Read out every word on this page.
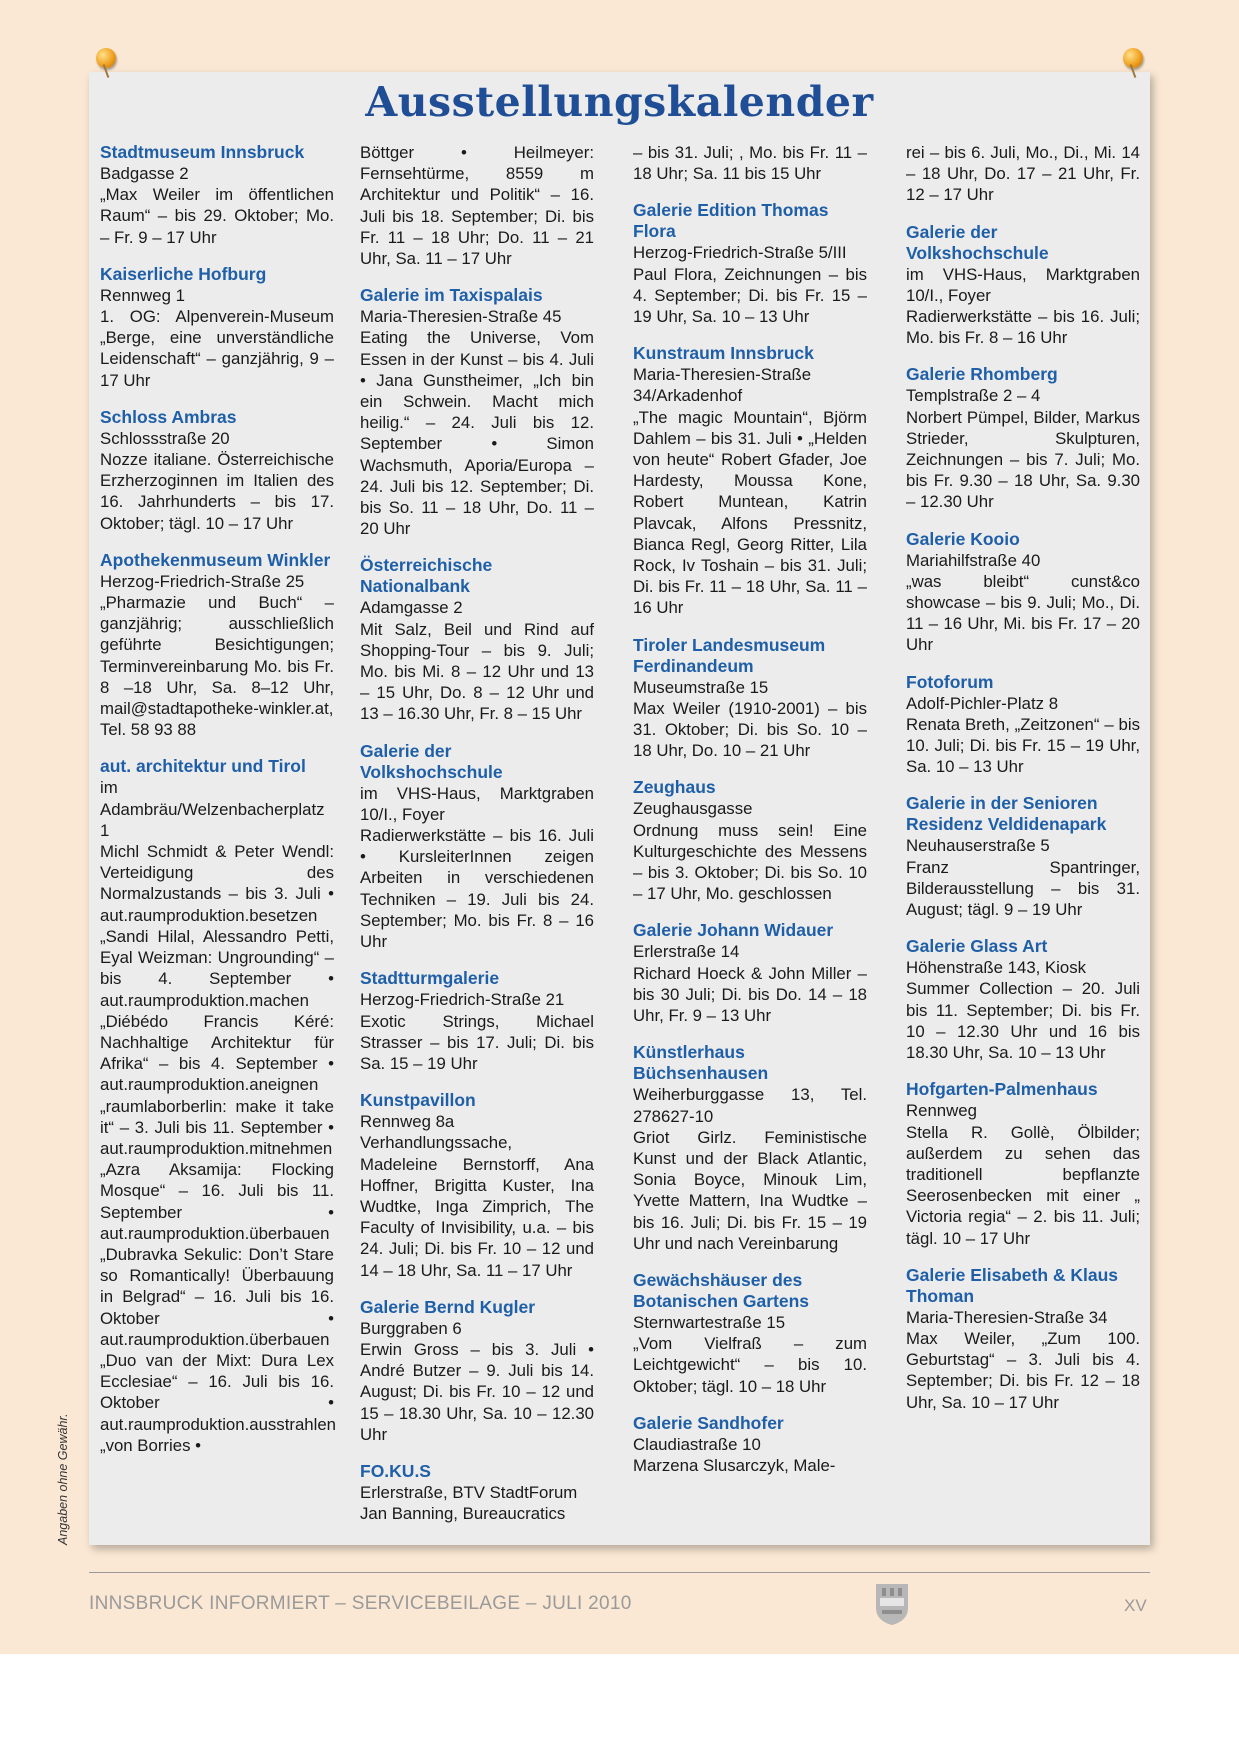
Ausstellungskalender

Stadtmuseum Innsbruck

Badgasse 2
„Max Weiler im öffentlichen Raum“ – bis 29. Oktober; Mo. – Fr. 9 – 17 Uhr

Kaiserliche Hofburg

Rennweg 1
1. OG: Alpenverein-Museum „Berge, eine unverständliche Leidenschaft“ – ganzjährig, 9 – 17 Uhr

Schloss Ambras

Schlossstraße 20
Nozze italiane. Österreichische Erzherzoginnen im Italien des 16. Jahrhunderts – bis 17. Oktober; tägl. 10 – 17 Uhr

Apothekenmuseum Winkler

Herzog-Friedrich-Straße 25
„Pharmazie und Buch“ – ganzjährig; ausschließlich geführte Besichtigungen; Terminvereinbarung Mo. bis Fr. 8 –18 Uhr, Sa. 8–12 Uhr, mail@stadtapotheke-winkler.at, Tel. 58 93 88

aut. architektur und Tirol

im Adambräu/Welzenbacherplatz 1
Michl Schmidt & Peter Wendl: Verteidigung des Normalzustands – bis 3. Juli • aut.raumproduktion.besetzen „Sandi Hilal, Alessandro Petti, Eyal Weizman: Ungrounding“ – bis 4. September • aut.raumproduktion.machen „Diébédo Francis Kéré: Nachhaltige Architektur für Afrika“ – bis 4. September • aut.raumproduktion.aneignen „raumlaborberlin: make it take it“ – 3. Juli bis 11. September • aut.raumproduktion.mitnehmen „Azra Aksamija: Flocking Mosque“ – 16. Juli bis 11. September • aut.raumproduktion.überbauen „Dubravka Sekulic: Don’t Stare so Romantically! Überbauung in Belgrad“ – 16. Juli bis 16. Oktober • aut.raumproduktion.überbauen „Duo van der Mixt: Dura Lex Ecclesiae“ – 16. Juli bis 16. Oktober • aut.raumproduktion.ausstrahlen „von Borries •

Böttger • Heilmeyer: Fernsehtürme, 8559 m Architektur und Politik“ – 16. Juli bis 18. September; Di. bis Fr. 11 – 18 Uhr; Do. 11 – 21 Uhr, Sa. 11 – 17 Uhr

Galerie im Taxispalais

Maria-Theresien-Straße 45
Eating the Universe, Vom Essen in der Kunst – bis 4. Juli • Jana Gunstheimer, „Ich bin ein Schwein. Macht mich heilig.“ – 24. Juli bis 12. September • Simon Wachsmuth, Aporia/Europa – 24. Juli bis 12. September; Di. bis So. 11 – 18 Uhr, Do. 11 – 20 Uhr

Österreichische Nationalbank

Adamgasse 2
Mit Salz, Beil und Rind auf Shopping-Tour – bis 9. Juli; Mo. bis Mi. 8 – 12 Uhr und 13 – 15 Uhr, Do. 8 – 12 Uhr und 13 – 16.30 Uhr, Fr. 8 – 15 Uhr

Galerie der Volkshochschule

im VHS-Haus, Marktgraben 10/I., Foyer
Radierwerkstätte – bis 16. Juli • KursleiterInnen zeigen Arbeiten in verschiedenen Techniken – 19. Juli bis 24. September; Mo. bis Fr. 8 – 16 Uhr

Stadtturmgalerie

Herzog-Friedrich-Straße 21
Exotic Strings, Michael Strasser – bis 17. Juli; Di. bis Sa. 15 – 19 Uhr

Kunstpavillon

Rennweg 8a
Verhandlungssache, Madeleine Bernstorff, Ana Hoffner, Brigitta Kuster, Ina Wudtke, Inga Zimprich, The Faculty of Invisibility, u.a. – bis 24. Juli; Di. bis Fr. 10 – 12 und 14 – 18 Uhr, Sa. 11 – 17 Uhr

Galerie Bernd Kugler

Burggraben 6
Erwin Gross – bis 3. Juli • André Butzer – 9. Juli bis 14. August; Di. bis Fr. 10 – 12 und 15 – 18.30 Uhr, Sa. 10 – 12.30 Uhr

FO.KU.S

Erlerstraße, BTV StadtForum
Jan Banning, Bureaucratics

– bis 31. Juli; , Mo. bis Fr. 11 – 18 Uhr; Sa. 11 bis 15 Uhr

Galerie Edition Thomas Flora

Herzog-Friedrich-Straße 5/III
Paul Flora, Zeichnungen – bis 4. September; Di. bis Fr. 15 – 19 Uhr, Sa. 10 – 13 Uhr

Kunstraum Innsbruck

Maria-Theresien-Straße 34/Arkadenhof
„The magic Mountain“, Björm Dahlem – bis 31. Juli • „Helden von heute“ Robert Gfader, Joe Hardesty, Moussa Kone, Robert Muntean, Katrin Plavcak, Alfons Pressnitz, Bianca Regl, Georg Ritter, Lila Rock, Iv Toshain – bis 31. Juli; Di. bis Fr. 11 – 18 Uhr, Sa. 11 – 16 Uhr

Tiroler Landesmuseum Ferdinandeum

Museumstraße 15
Max Weiler (1910-2001) – bis 31. Oktober; Di. bis So. 10 – 18 Uhr, Do. 10 – 21 Uhr

Zeughaus

Zeughausgasse
Ordnung muss sein! Eine Kulturgeschichte des Messens – bis 3. Oktober; Di. bis So. 10 – 17 Uhr, Mo. geschlossen

Galerie Johann Widauer

Erlerstraße 14
Richard Hoeck & John Miller – bis 30 Juli; Di. bis Do. 14 – 18 Uhr, Fr. 9 – 13 Uhr

Künstlerhaus Büchsenhausen

Weiherburggasse 13, Tel. 278627-10
Griot Girlz. Feministische Kunst und der Black Atlantic, Sonia Boyce, Minouk Lim, Yvette Mattern, Ina Wudtke – bis 16. Juli; Di. bis Fr. 15 – 19 Uhr und nach Vereinbarung

Gewächshäuser des Botanischen Gartens

Sternwartestraße 15
„Vom Vielfraß – zum Leichtgewicht“ – bis 10. Oktober; tägl. 10 – 18 Uhr

Galerie Sandhofer

Claudiastraße 10
Marzena Slusarczyk, Male-

rei – bis 6. Juli, Mo., Di., Mi. 14 – 18 Uhr, Do. 17 – 21 Uhr, Fr. 12 – 17 Uhr

Galerie der Volkshochschule

im VHS-Haus, Marktgraben 10/I., Foyer
Radierwerkstätte – bis 16. Juli; Mo. bis Fr. 8 – 16 Uhr

Galerie Rhomberg

Templstraße 2 – 4
Norbert Pümpel, Bilder, Markus Strieder, Skulpturen, Zeichnungen – bis 7. Juli; Mo. bis Fr. 9.30 – 18 Uhr, Sa. 9.30 – 12.30 Uhr

Galerie Kooio

Mariahilfstraße 40
„was bleibt“ cunst&co showcase – bis 9. Juli; Mo., Di. 11 – 16 Uhr, Mi. bis Fr. 17 – 20 Uhr

Fotoforum

Adolf-Pichler-Platz 8
Renata Breth, „Zeitzonen“ – bis 10. Juli; Di. bis Fr. 15 – 19 Uhr, Sa. 10 – 13 Uhr

Galerie in der Senioren Residenz Veldidenapark

Neuhauserstraße 5
Franz Spantringer, Bilderausstellung – bis 31. August; tägl. 9 – 19 Uhr

Galerie Glass Art

Höhenstraße 143, Kiosk
Summer Collection – 20. Juli bis 11. September; Di. bis Fr. 10 – 12.30 Uhr und 16 bis 18.30 Uhr, Sa. 10 – 13 Uhr

Hofgarten-Palmenhaus

Rennweg
Stella R. Gollè, Ölbilder; außerdem zu sehen das traditionell bepflanzte Seerosenbecken mit einer „ Victoria regia“ – 2. bis 11. Juli; tägl. 10 – 17 Uhr

Galerie Elisabeth & Klaus Thoman

Maria-Theresien-Straße 34
Max Weiler, „Zum 100. Geburtstag“ – 3. Juli bis 4. September; Di. bis Fr. 12 – 18 Uhr, Sa. 10 – 17 Uhr

Angaben ohne Gewähr.
INNSBRUCK INFORMIERT – SERVICEBEILAGE – JULI 2010	XV
